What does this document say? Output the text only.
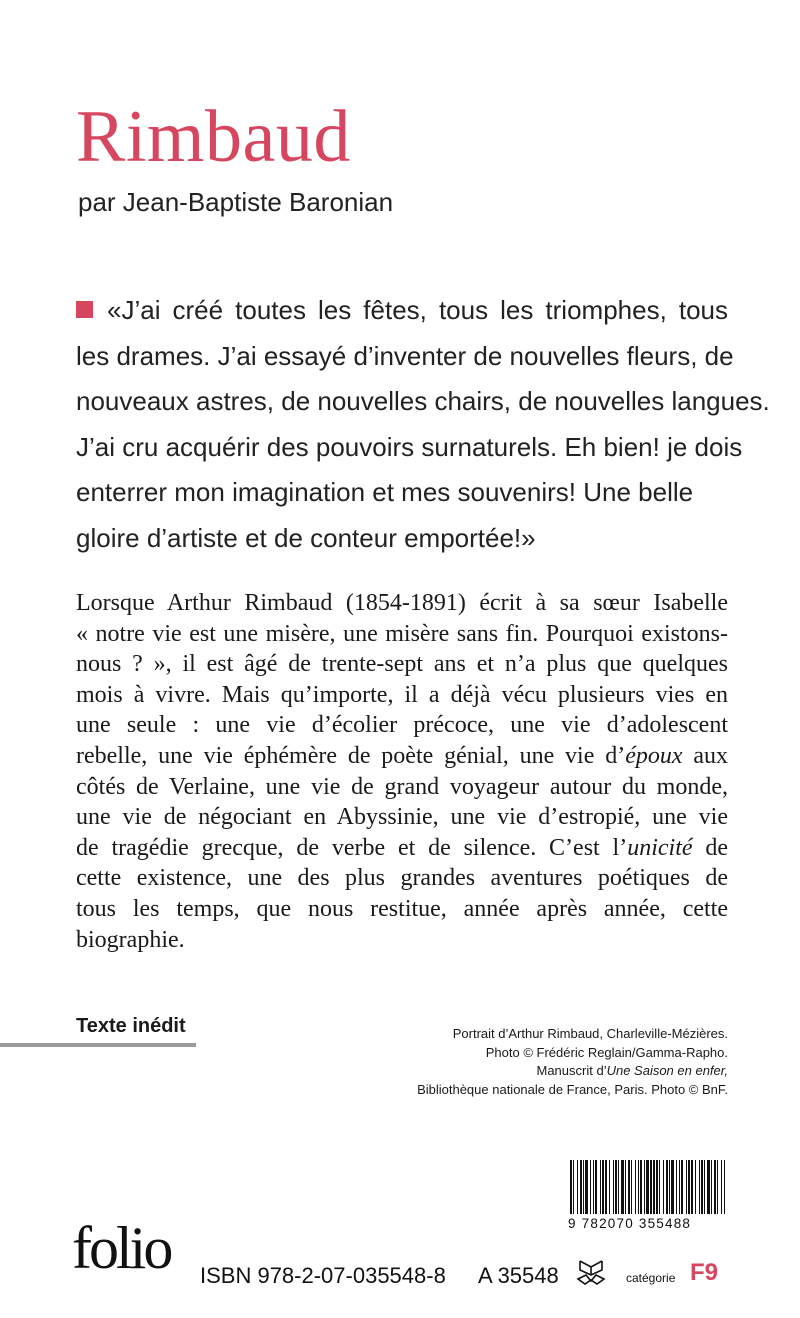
Rimbaud
par Jean-Baptiste Baronian
«J’ai créé toutes les fêtes, tous les triomphes, tous
les drames. J’ai essayé d’inventer de nouvelles fleurs, de
nouveaux astres, de nouvelles chairs, de nouvelles langues.
J’ai cru acquérir des pouvoirs surnaturels. Eh bien! je dois
enterrer mon imagination et mes souvenirs! Une belle
gloire d’artiste et de conteur emportée!»
Lorsque Arthur Rimbaud (1854-1891) écrit à sa sœur Isabelle
« notre vie est une misère, une misère sans fin. Pourquoi existons-
nous ? », il est âgé de trente-sept ans et n’a plus que quelques
mois à vivre. Mais qu’importe, il a déjà vécu plusieurs vies en
une seule : une vie d’écolier précoce, une vie d’adolescent
rebelle, une vie éphémère de poète génial, une vie d’époux aux
côtés de Verlaine, une vie de grand voyageur autour du monde,
une vie de négociant en Abyssinie, une vie d’estropié, une vie
de tragédie grecque, de verbe et de silence. C’est l’unicité de
cette existence, une des plus grandes aventures poétiques de
tous les temps, que nous restitue, année après année, cette
biographie.
Texte inédit	Portrait d’Arthur Rimbaud, Charleville-Mézières.
Photo © Frédéric Reglain/Gamma-Rapho.
Manuscrit d’Une Saison en enfer,
Bibliothèque nationale de France, Paris. Photo © BnF.
9 782070 355488
folio ISBN 978-2-07-035548-8 A 35548	catégorie F9
